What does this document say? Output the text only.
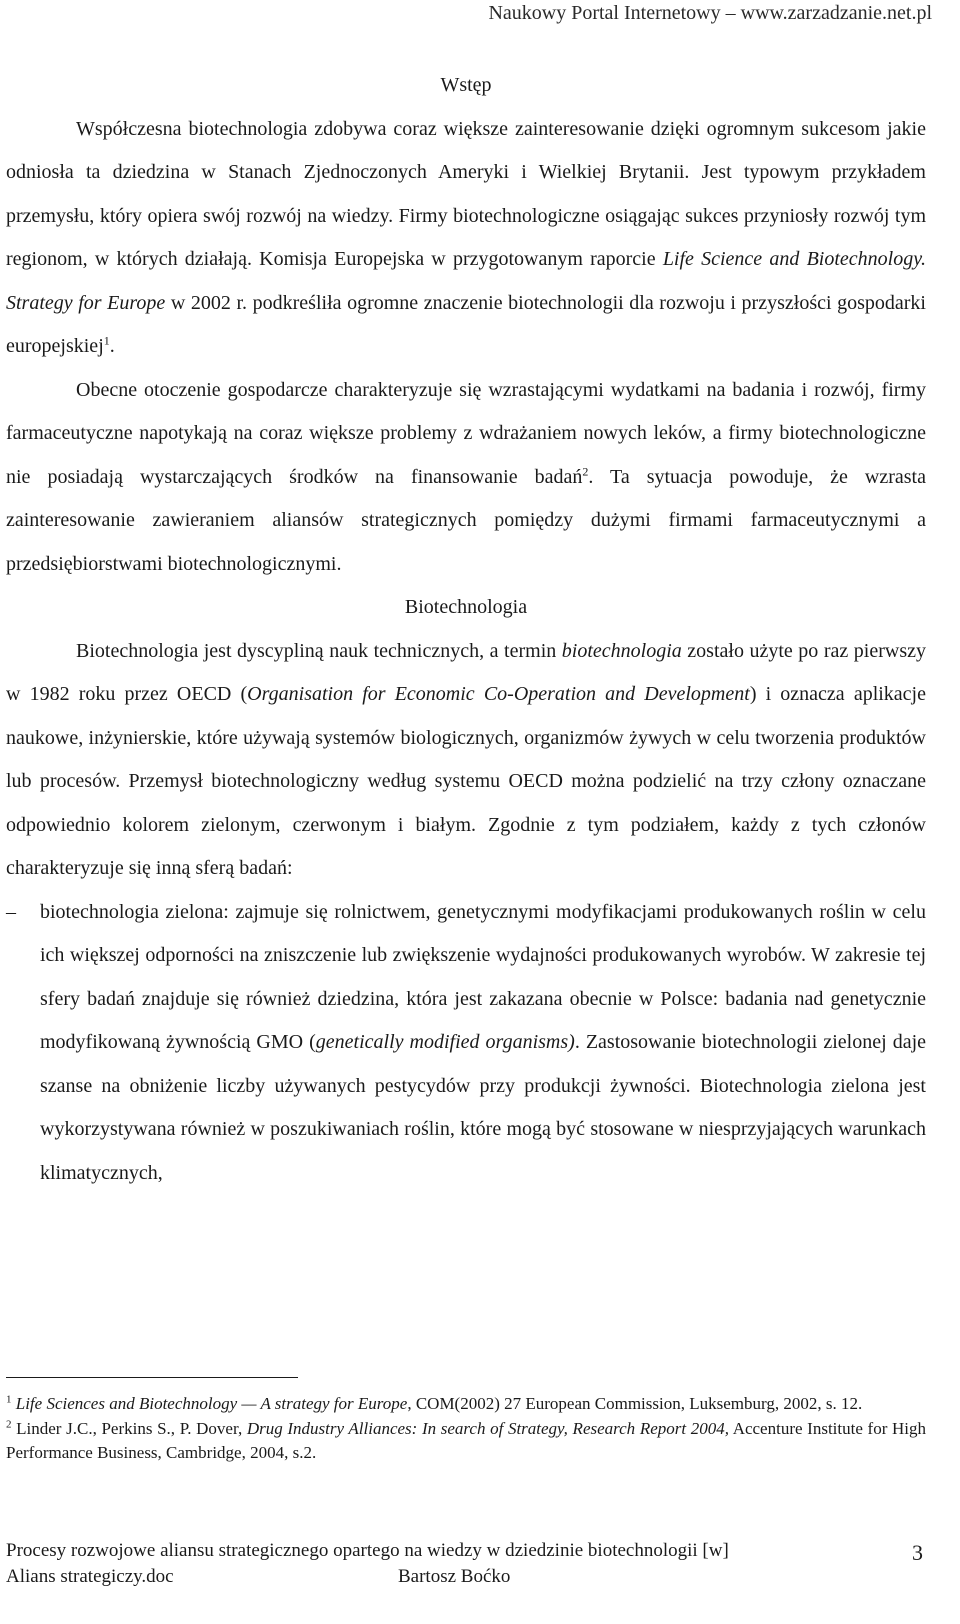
Naukowy Portal Internetowy – www.zarzadzanie.net.pl

Wstęp

Współczesna biotechnologia zdobywa coraz większe zainteresowanie dzięki ogromnym sukcesom jakie odniosła ta dziedzina w Stanach Zjednoczonych Ameryki i Wielkiej Brytanii. Jest typowym przykładem przemysłu, który opiera swój rozwój na wiedzy. Firmy biotechnologiczne osiągając sukces przyniosły rozwój tym regionom, w których działają. Komisja Europejska w przygotowanym raporcie Life Science and Biotechnology. Strategy for Europe w 2002 r. podkreśliła ogromne znaczenie biotechnologii dla rozwoju i przyszłości gospodarki europejskiej$^1$.

Obecne otoczenie gospodarcze charakteryzuje się wzrastającymi wydatkami na badania i rozwój, firmy farmaceutyczne napotykają na coraz większe problemy z wdrażaniem nowych leków, a firmy biotechnologiczne nie posiadają wystarczających środków na finansowanie badań$^2$. Ta sytuacja powoduje, że wzrasta zainteresowanie zawieraniem aliansów strategicznych pomiędzy dużymi firmami farmaceutycznymi a przedsiębiorstwami biotechnologicznymi.

Biotechnologia

Biotechnologia jest dyscypliną nauk technicznych, a termin biotechnologia zostało użyte po raz pierwszy w 1982 roku przez OECD (Organisation for Economic Co-Operation and Development) i oznacza aplikacje naukowe, inżynierskie, które używają systemów biologicznych, organizmów żywych w celu tworzenia produktów lub procesów. Przemysł biotechnologiczny według systemu OECD można podzielić na trzy człony oznaczane odpowiednio kolorem zielonym, czerwonym i białym. Zgodnie z tym podziałem, każdy z tych członów charakteryzuje się inną sferą badań:

– biotechnologia zielona: zajmuje się rolnictwem, genetycznymi modyfikacjami produkowanych roślin w celu ich większej odporności na zniszczenie lub zwiększenie wydajności produkowanych wyrobów. W zakresie tej sfery badań znajduje się również dziedzina, która jest zakazana obecnie w Polsce: badania nad genetycznie modyfikowaną żywnością GMO (genetically modified organisms). Zastosowanie biotechnologii zielonej daje szanse na obniżenie liczby używanych pestycydów przy produkcji żywności. Biotechnologia zielona jest wykorzystywana również w poszukiwaniach roślin, które mogą być stosowane w niesprzyjających warunkach klimatycznych,

$^1$ Life Sciences and Biotechnology — A strategy for Europe, COM(2002) 27 European Commission, Luksemburg, 2002, s. 12.

$^2$ Linder J.C., Perkins S., P. Dover, Drug Industry Alliances: In search of Strategy, Research Report 2004, Accenture Institute for High Performance Business, Cambridge, 2004, s.2.

Procesy rozwojowe aliansu strategicznego opartego na wiedzy w dziedzinie biotechnologii [w]
Alians strategiczy.doc	Bartosz Boćko
3
